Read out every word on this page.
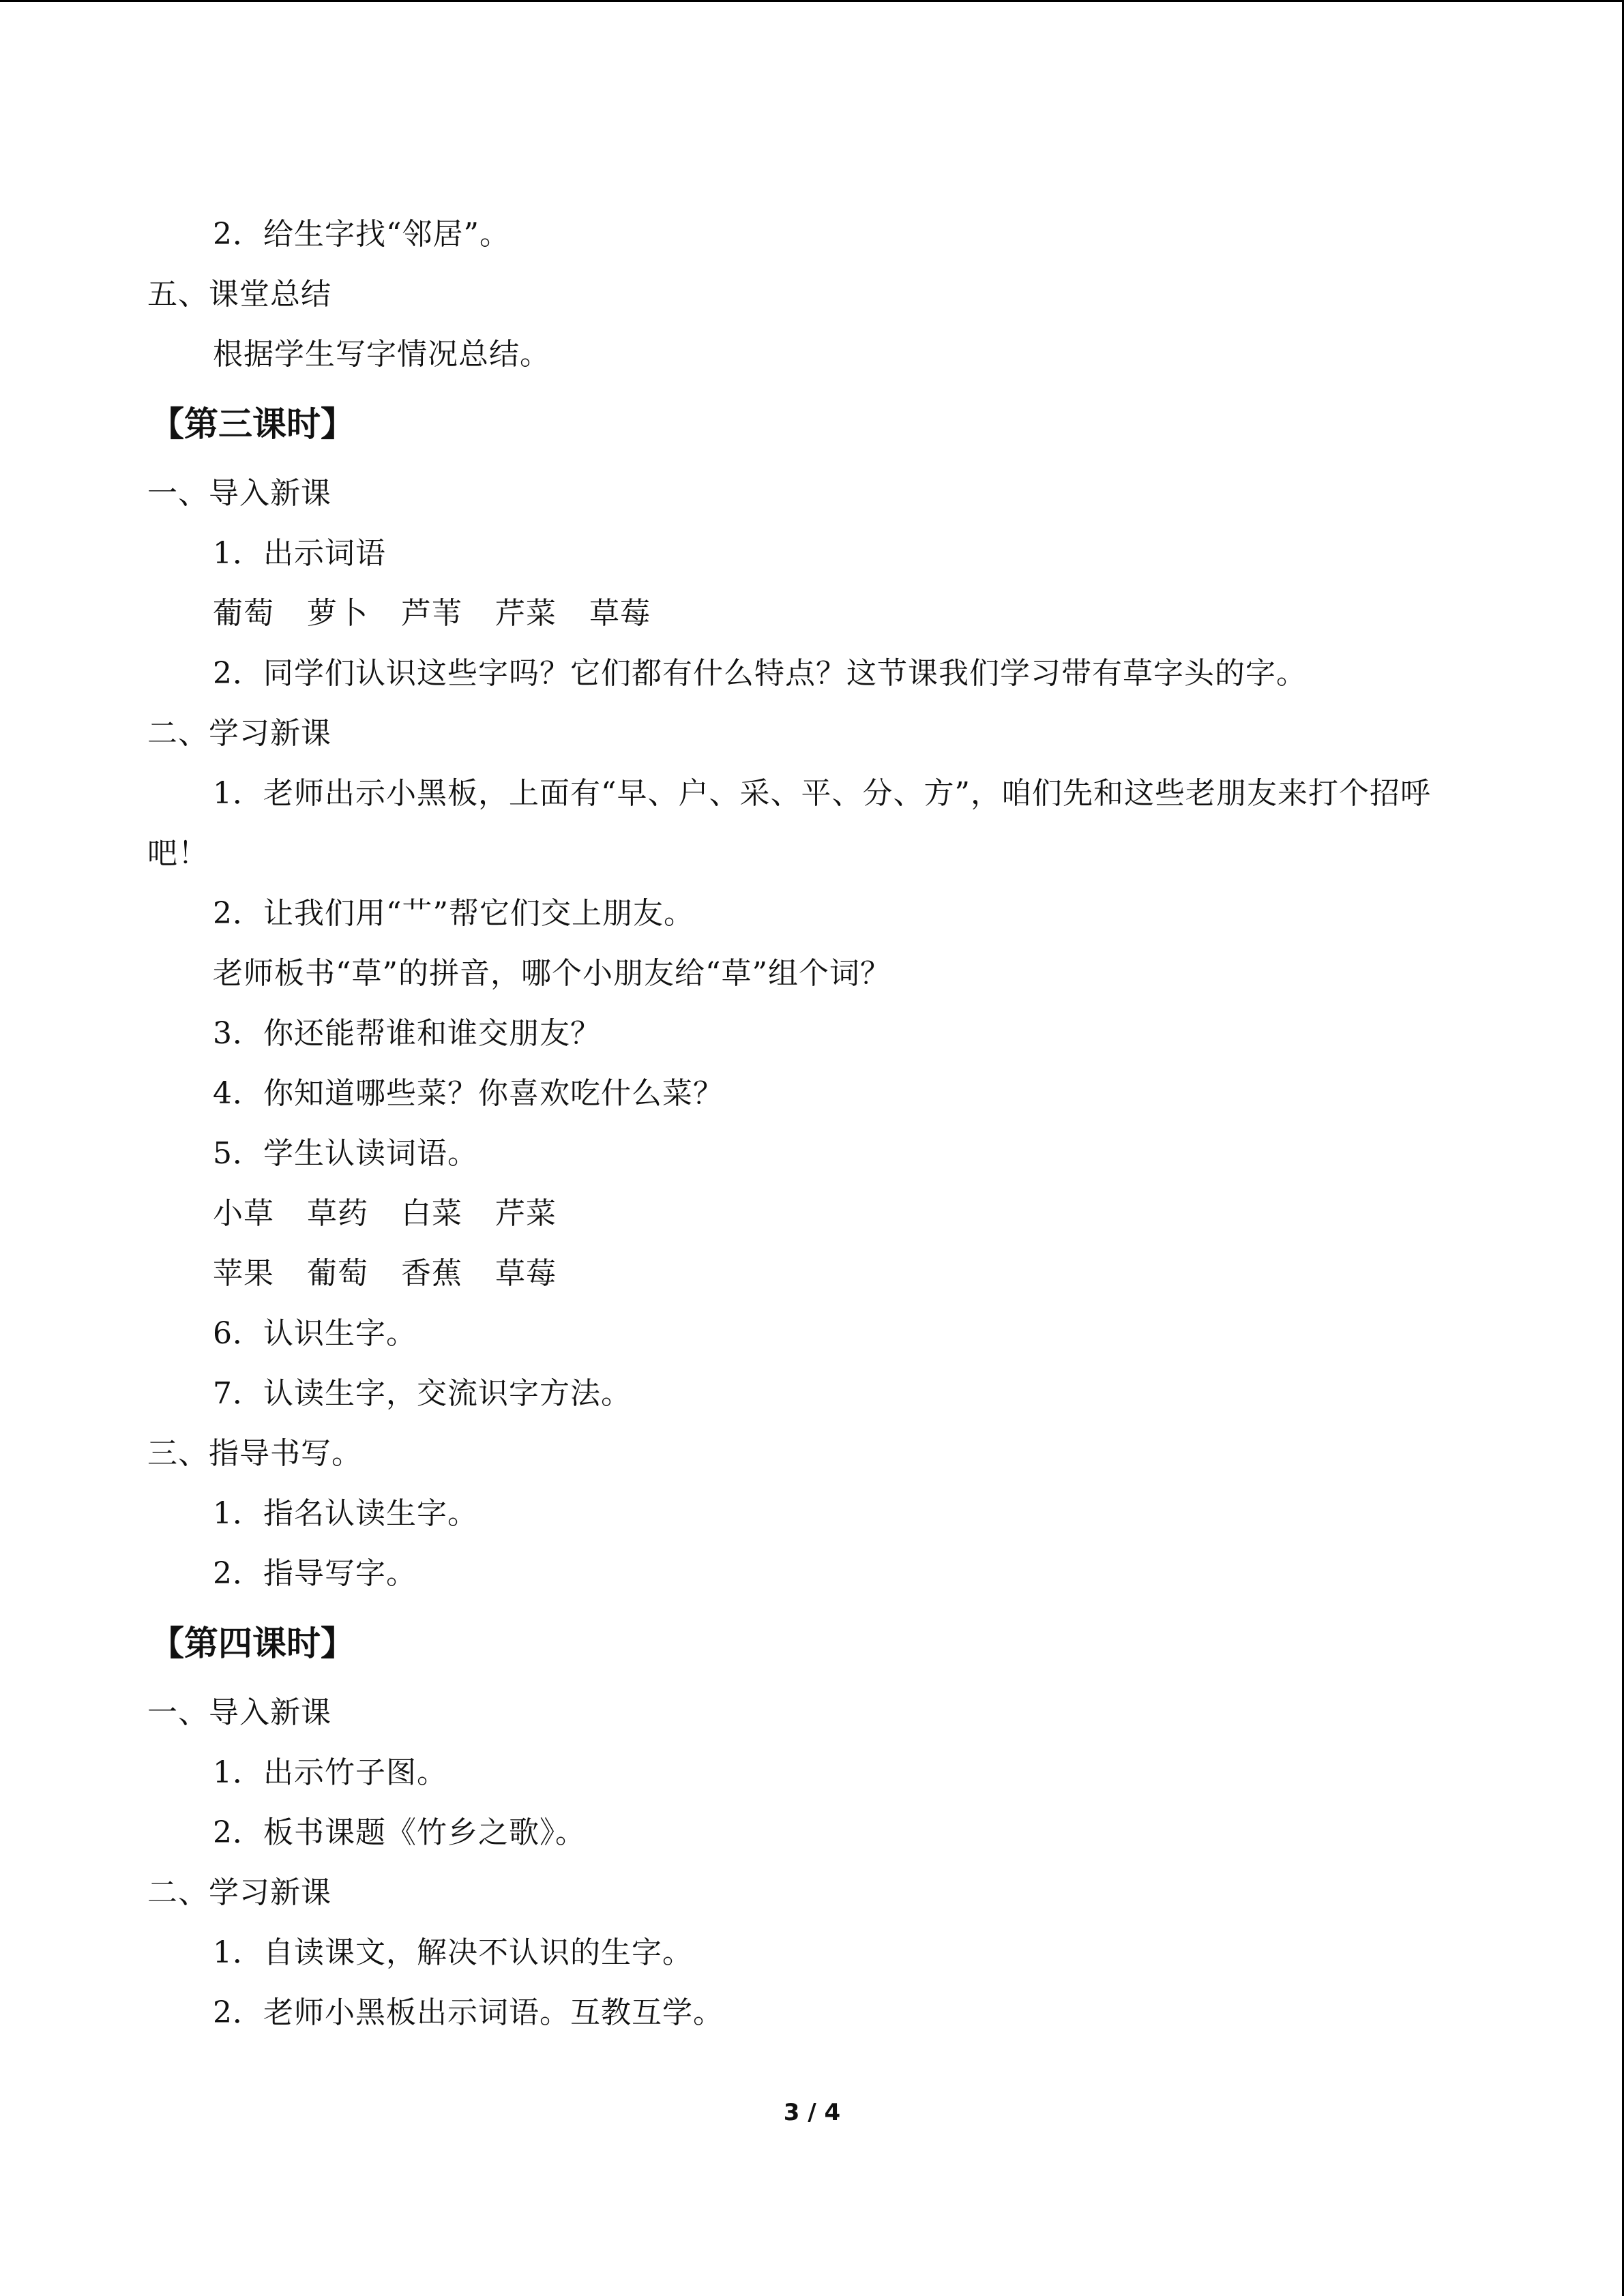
2．给生字找“邻居”。
五、课堂总结
根据学生写字情况总结。
【第三课时】
一、导入新课
1．出示词语
葡萄 萝卜 芦苇 芹菜 草莓
2．同学们认识这些字吗？它们都有什么特点？这节课我们学习带有草字头的字。
二、学习新课
1．老师出示小黑板，上面有“早、户、采、平、分、方”，咱们先和这些老朋友来打个招呼吧！
2．让我们用“艹”帮它们交上朋友。
老师板书“草”的拼音，哪个小朋友给“草”组个词？
3．你还能帮谁和谁交朋友？
4．你知道哪些菜？你喜欢吃什么菜？
5．学生认读词语。
小草 草药 白菜 芹菜
苹果 葡萄 香蕉 草莓
6．认识生字。
7．认读生字，交流识字方法。
三、指导书写。
1．指名认读生字。
2．指导写字。
【第四课时】
一、导入新课
1．出示竹子图。
2．板书课题《竹乡之歌》。
二、学习新课
1．自读课文，解决不认识的生字。
2．老师小黑板出示词语。互教互学。
3 / 4
